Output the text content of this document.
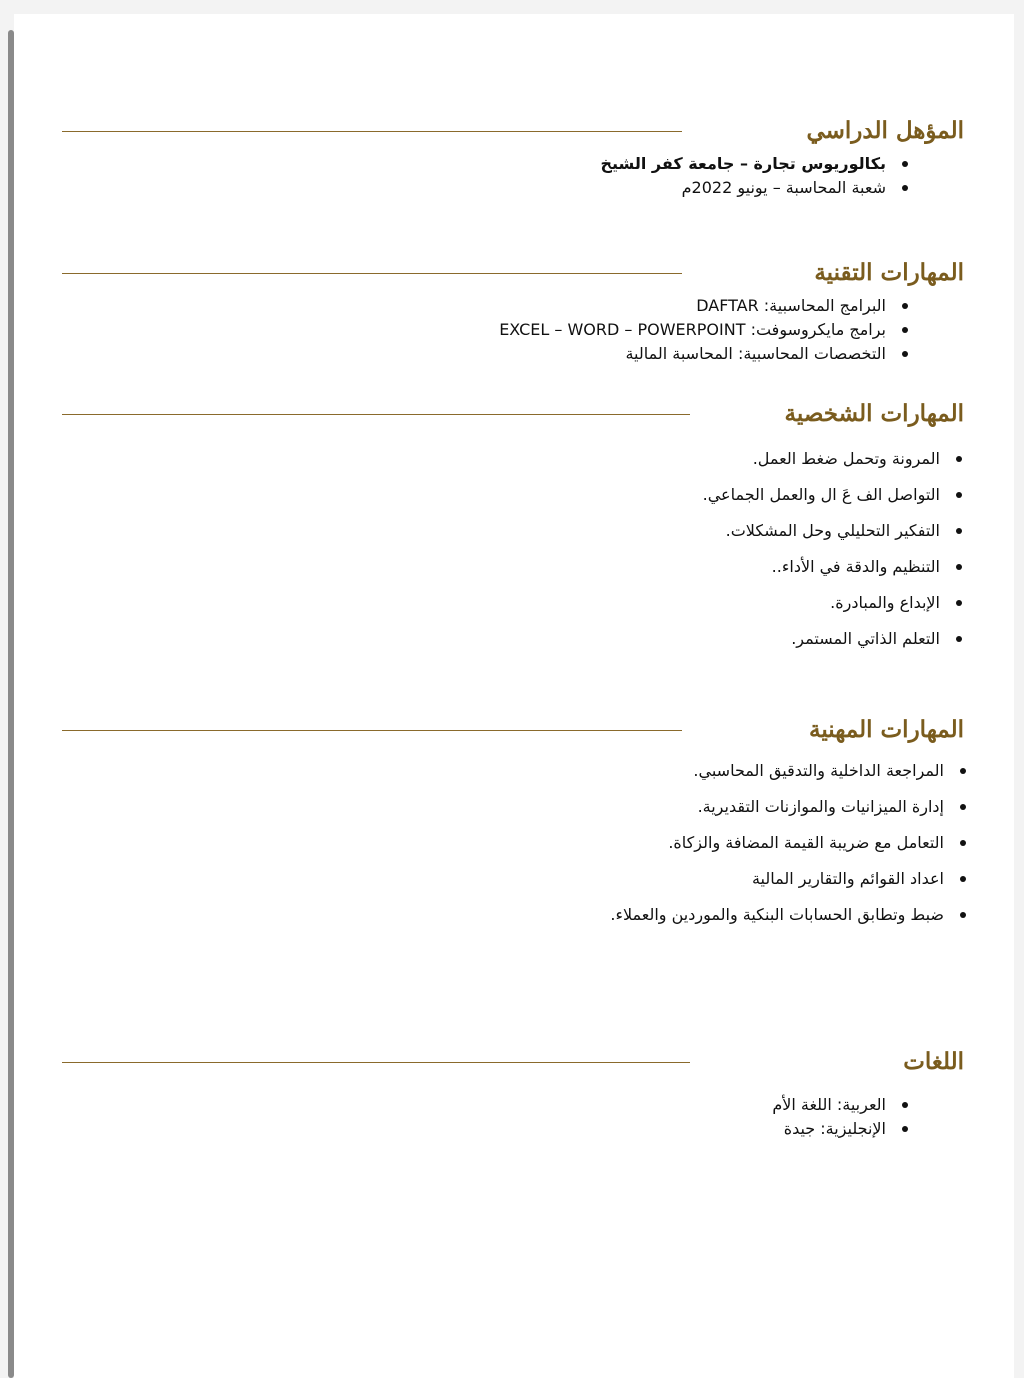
المؤهل الدراسي
بكالوريوس تجارة – جامعة كفر الشيخ
شعبة المحاسبة – يونيو 2022م
المهارات التقنية
البرامج المحاسبية: DAFTAR
برامج مايكروسوفت: EXCEL – WORD – POWERPOINT
التخصصات المحاسبية: المحاسبة المالية
المهارات الشخصية
المرونة وتحمل ضغط العمل.
التواصل الف عَ ال والعمل الجماعي.
التفكير التحليلي وحل المشكلات.
التنظيم والدقة في الأداء..
الإبداع والمبادرة.
التعلم الذاتي المستمر.
المهارات المهنية
المراجعة الداخلية والتدقيق المحاسبي.
إدارة الميزانيات والموازنات التقديرية.
التعامل مع ضريبة القيمة المضافة والزكاة.
اعداد القوائم والتقارير المالية
ضبط وتطابق الحسابات البنكية والموردين والعملاء.
اللغات
العربية: اللغة الأم
الإنجليزية: جيدة
